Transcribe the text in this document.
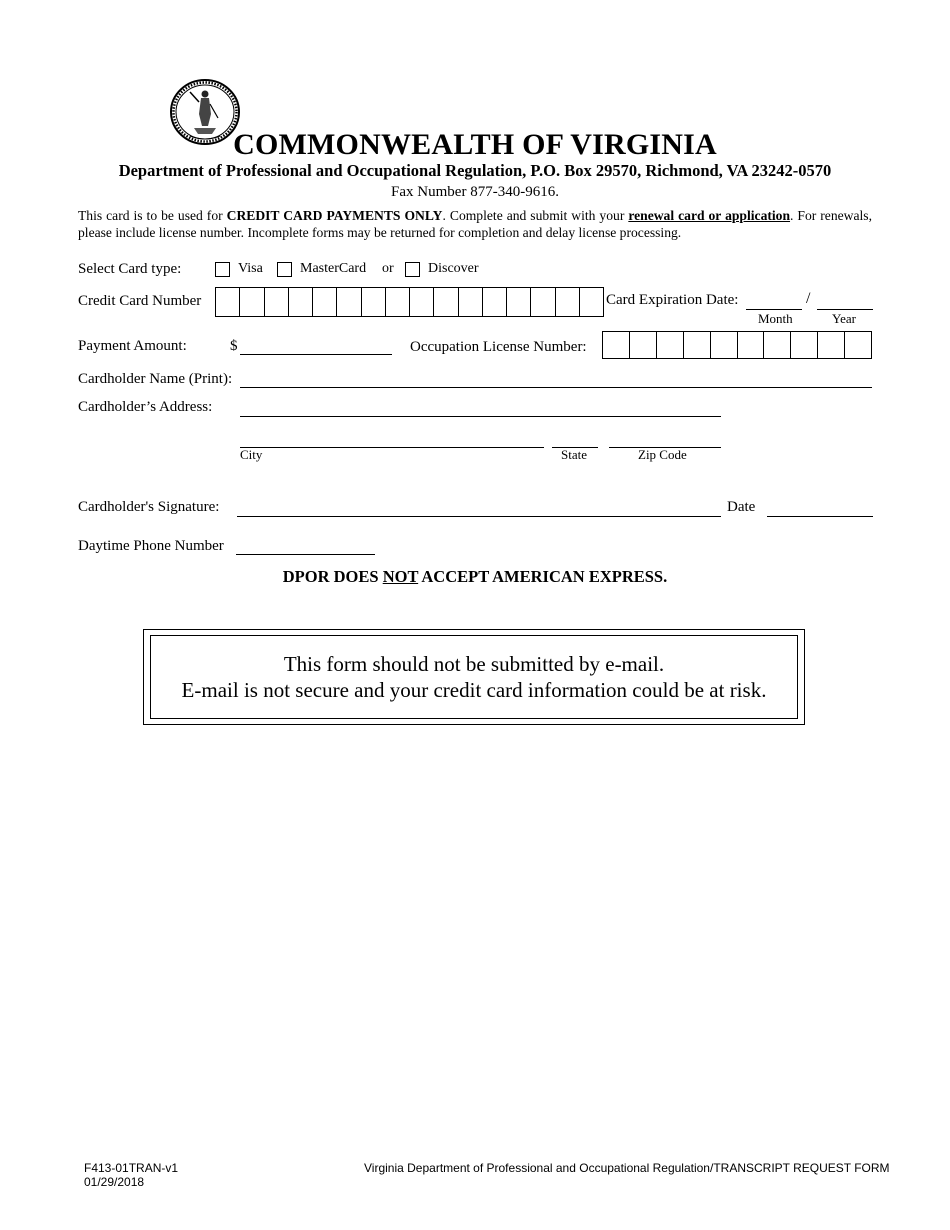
COMMONWEALTH OF VIRGINIA
Department of Professional and Occupational Regulation, P.O. Box 29570, Richmond, VA 23242-0570
Fax Number 877-340-9616.
This card is to be used for CREDIT CARD PAYMENTS ONLY. Complete and submit with your renewal card or application. For renewals, please include license number. Incomplete forms may be returned for completion and delay license processing.
Select Card type:	Visa	MasterCard or Discover
Credit Card Number	Card Expiration Date:	/
Month	Year
Payment Amount:	$	Occupation License Number:
Cardholder Name (Print):
Cardholder’s Address:
City	State	Zip Code
Cardholder's Signature:	Date
Daytime Phone Number
DPOR DOES NOT ACCEPT AMERICAN EXPRESS.
This form should not be submitted by e-mail.
E-mail is not secure and your credit card information could be at risk.
F413-01TRAN-v1
01/29/2018
Virginia Department of Professional and Occupational Regulation/TRANSCRIPT REQUEST FORM
